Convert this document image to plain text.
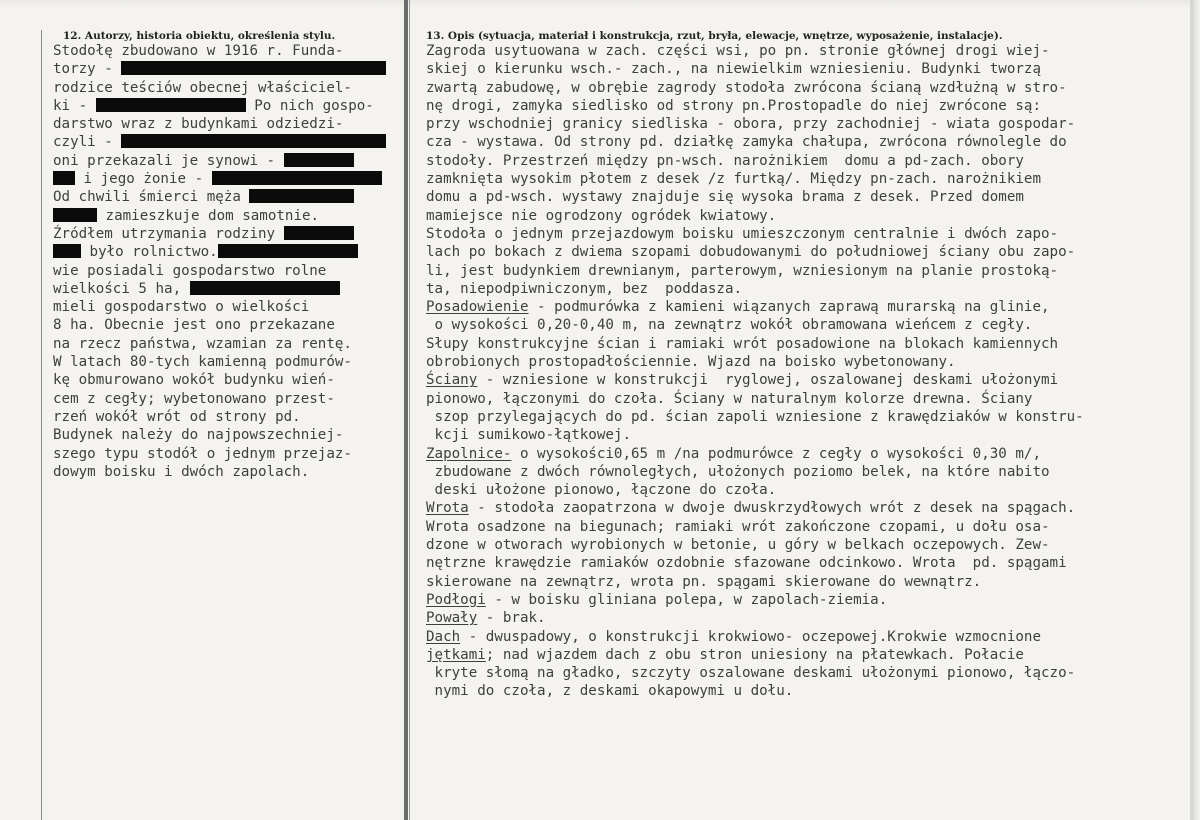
12. Autorzy, historia obiektu, określenia stylu.
Stodołę zbudowano w 1916 r. Funda-
torzy -
rodzice teściów obecnej właściciel-
ki -	Po nich gospo-
darstwo wraz z budynkami odziedzi-
czyli -
oni przekazali je synowi -
i jego żonie -
Od chwili śmierci męża
zamieszkuje dom samotnie.
Źródłem utrzymania rodziny
było rolnictwo.
wie posiadali gospodarstwo rolne
wielkości 5 ha,
mieli gospodarstwo o wielkości
8 ha. Obecnie jest ono przekazane
na rzecz państwa, wzamian za rentę.
W latach 80-tych kamienną podmurów-
kę obmurowano wokół budynku wień-
cem z cegły; wybetonowano przest-
rzeń wokół wrót od strony pd.
Budynek należy do najpowszechniej-
szego typu stodół o jednym przejaz-
dowym boisku i dwóch zapolach.
13. Opis (sytuacja, materiał i konstrukcja, rzut, bryła, elewacje, wnętrze, wyposażenie, instalacje).
Zagroda usytuowana w zach. części wsi, po pn. stronie głównej drogi wiej-
skiej o kierunku wsch.- zach., na niewielkim wzniesieniu. Budynki tworzą
zwartą zabudowę, w obrębie zagrody stodoła zwrócona ścianą wzdłużną w stro-
nę drogi, zamyka siedlisko od strony pn.Prostopadle do niej zwrócone są:
przy wschodniej granicy siedliska - obora, przy zachodniej - wiata gospodar-
cza - wystawa. Od strony pd. działkę zamyka chałupa, zwrócona równolegle do
stodoły. Przestrzeń między pn-wsch. narożnikiem  domu a pd-zach. obory
zamknięta wysokim płotem z desek /z furtką/. Między pn-zach. narożnikiem
domu a pd-wsch. wystawy znajduje się wysoka brama z desek. Przed domem
mamiejsce nie ogrodzony ogródek kwiatowy.
Stodoła o jednym przejazdowym boisku umieszczonym centralnie i dwóch zapo-
lach po bokach z dwiema szopami dobudowanymi do południowej ściany obu zapo-
li, jest budynkiem drewnianym, parterowym, wzniesionym na planie prostoką-
ta, niepodpiwniczonym, bez  poddasza.
Posadowienie - podmurówka z kamieni wiązanych zaprawą murarską na glinie,
o wysokości 0,20-0,40 m, na zewnątrz wokół obramowana wieńcem z cegły.
Słupy konstrukcyjne ścian i ramiaki wrót posadowione na blokach kamiennych
obrobionych prostopadłościennie. Wjazd na boisko wybetonowany.
Ściany - wzniesione w konstrukcji  ryglowej, oszalowanej deskami ułożonymi
pionowo, łączonymi do czoła. Ściany w naturalnym kolorze drewna. Ściany
szop przylegających do pd. ścian zapoli wzniesione z krawędziaków w konstru-
kcji sumikowo-łątkowej.
Zapolnice- o wysokości0,65 m /na podmurówce z cegły o wysokości 0,30 m/,
zbudowane z dwóch równoległych, ułożonych poziomo belek, na które nabito
deski ułożone pionowo, łączone do czoła.
Wrota - stodoła zaopatrzona w dwoje dwuskrzydłowych wrót z desek na spągach.
Wrota osadzone na biegunach; ramiaki wrót zakończone czopami, u dołu osa-
dzone w otworach wyrobionych w betonie, u góry w belkach oczepowych. Zew-
nętrzne krawędzie ramiaków ozdobnie sfazowane odcinkowo. Wrota  pd. spągami
skierowane na zewnątrz, wrota pn. spągami skierowane do wewnątrz.
Podłogi - w boisku gliniana polepa, w zapolach-ziemia.
Powały - brak.
Dach - dwuspadowy, o konstrukcji krokwiowo- oczepowej.Krokwie wzmocnione
jętkami; nad wjazdem dach z obu stron uniesiony na płatewkach. Połacie
kryte słomą na gładko, szczyty oszalowane deskami ułożonymi pionowo, łączo-
nymi do czoła, z deskami okapowymi u dołu.
